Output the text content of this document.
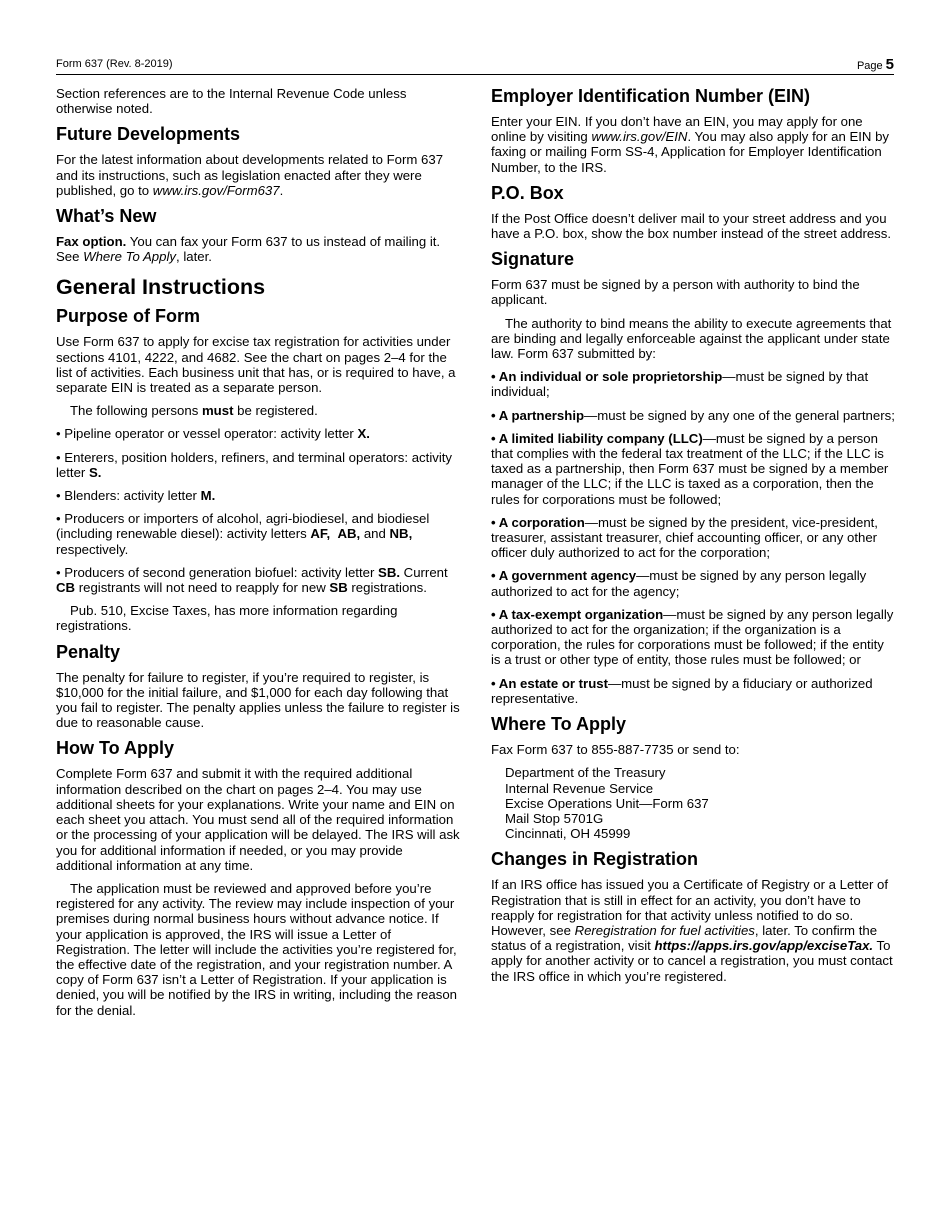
Form 637 (Rev. 8-2019)	Page 5

Section references are to the Internal Revenue Code unless otherwise noted.

Future Developments

For the latest information about developments related to Form 637 and its instructions, such as legislation enacted after they were published, go to www.irs.gov/Form637.

What’s New

Fax option. You can fax your Form 637 to us instead of mailing it. See Where To Apply, later.

General Instructions
Purpose of Form

Use Form 637 to apply for excise tax registration for activities under sections 4101, 4222, and 4682. See the chart on pages 2–4 for the list of activities. Each business unit that has, or is required to have, a separate EIN is treated as a separate person.

The following persons must be registered.

• Pipeline operator or vessel operator: activity letter X.

• Enterers, position holders, refiners, and terminal operators: activity letter S.

• Blenders: activity letter M.

• Producers or importers of alcohol, agri-biodiesel, and biodiesel (including renewable diesel): activity letters AF, AB, and NB, respectively.

• Producers of second generation biofuel: activity letter SB. Current CB registrants will not need to reapply for new SB registrations.

Pub. 510, Excise Taxes, has more information regarding registrations.

Penalty

The penalty for failure to register, if you’re required to register, is $10,000 for the initial failure, and $1,000 for each day following that you fail to register. The penalty applies unless the failure to register is due to reasonable cause.

How To Apply

Complete Form 637 and submit it with the required additional information described on the chart on pages 2–4. You may use additional sheets for your explanations. Write your name and EIN on each sheet you attach. You must send all of the required information or the processing of your application will be delayed. The IRS will ask you for additional information if needed, or you may provide additional information at any time.

The application must be reviewed and approved before you’re registered for any activity. The review may include inspection of your premises during normal business hours without advance notice. If your application is approved, the IRS will issue a Letter of Registration. The letter will include the activities you’re registered for, the effective date of the registration, and your registration number. A copy of Form 637 isn’t a Letter of Registration. If your application is denied, you will be notified by the IRS in writing, including the reason for the denial.

Employer Identification Number (EIN)

Enter your EIN. If you don’t have an EIN, you may apply for one online by visiting www.irs.gov/EIN. You may also apply for an EIN by faxing or mailing Form SS-4, Application for Employer Identification Number, to the IRS.

P.O. Box

If the Post Office doesn’t deliver mail to your street address and you have a P.O. box, show the box number instead of the street address.

Signature

Form 637 must be signed by a person with authority to bind the applicant.

The authority to bind means the ability to execute agreements that are binding and legally enforceable against the applicant under state law. Form 637 submitted by:

• An individual or sole proprietorship—must be signed by that individual;

• A partnership—must be signed by any one of the general partners;

• A limited liability company (LLC)—must be signed by a person that complies with the federal tax treatment of the LLC; if the LLC is taxed as a partnership, then Form 637 must be signed by a member manager of the LLC; if the LLC is taxed as a corporation, then the rules for corporations must be followed;

• A corporation—must be signed by the president, vice-president, treasurer, assistant treasurer, chief accounting officer, or any other officer duly authorized to act for the corporation;

• A government agency—must be signed by any person legally authorized to act for the agency;

• A tax-exempt organization—must be signed by any person legally authorized to act for the organization; if the organization is a corporation, the rules for corporations must be followed; if the entity is a trust or other type of entity, those rules must be followed; or

• An estate or trust—must be signed by a fiduciary or authorized representative.

Where To Apply

Fax Form 637 to 855-887-7735 or send to:

Department of the Treasury

Internal Revenue Service

Excise Operations Unit—Form 637

Mail Stop 5701G

Cincinnati, OH 45999

Changes in Registration

If an IRS office has issued you a Certificate of Registry or a Letter of Registration that is still in effect for an activity, you don’t have to reapply for registration for that activity unless notified to do so. However, see Reregistration for fuel activities, later. To confirm the status of a registration, visit https://apps.irs.gov/app/exciseTax. To apply for another activity or to cancel a registration, you must contact the IRS office in which you’re registered.
